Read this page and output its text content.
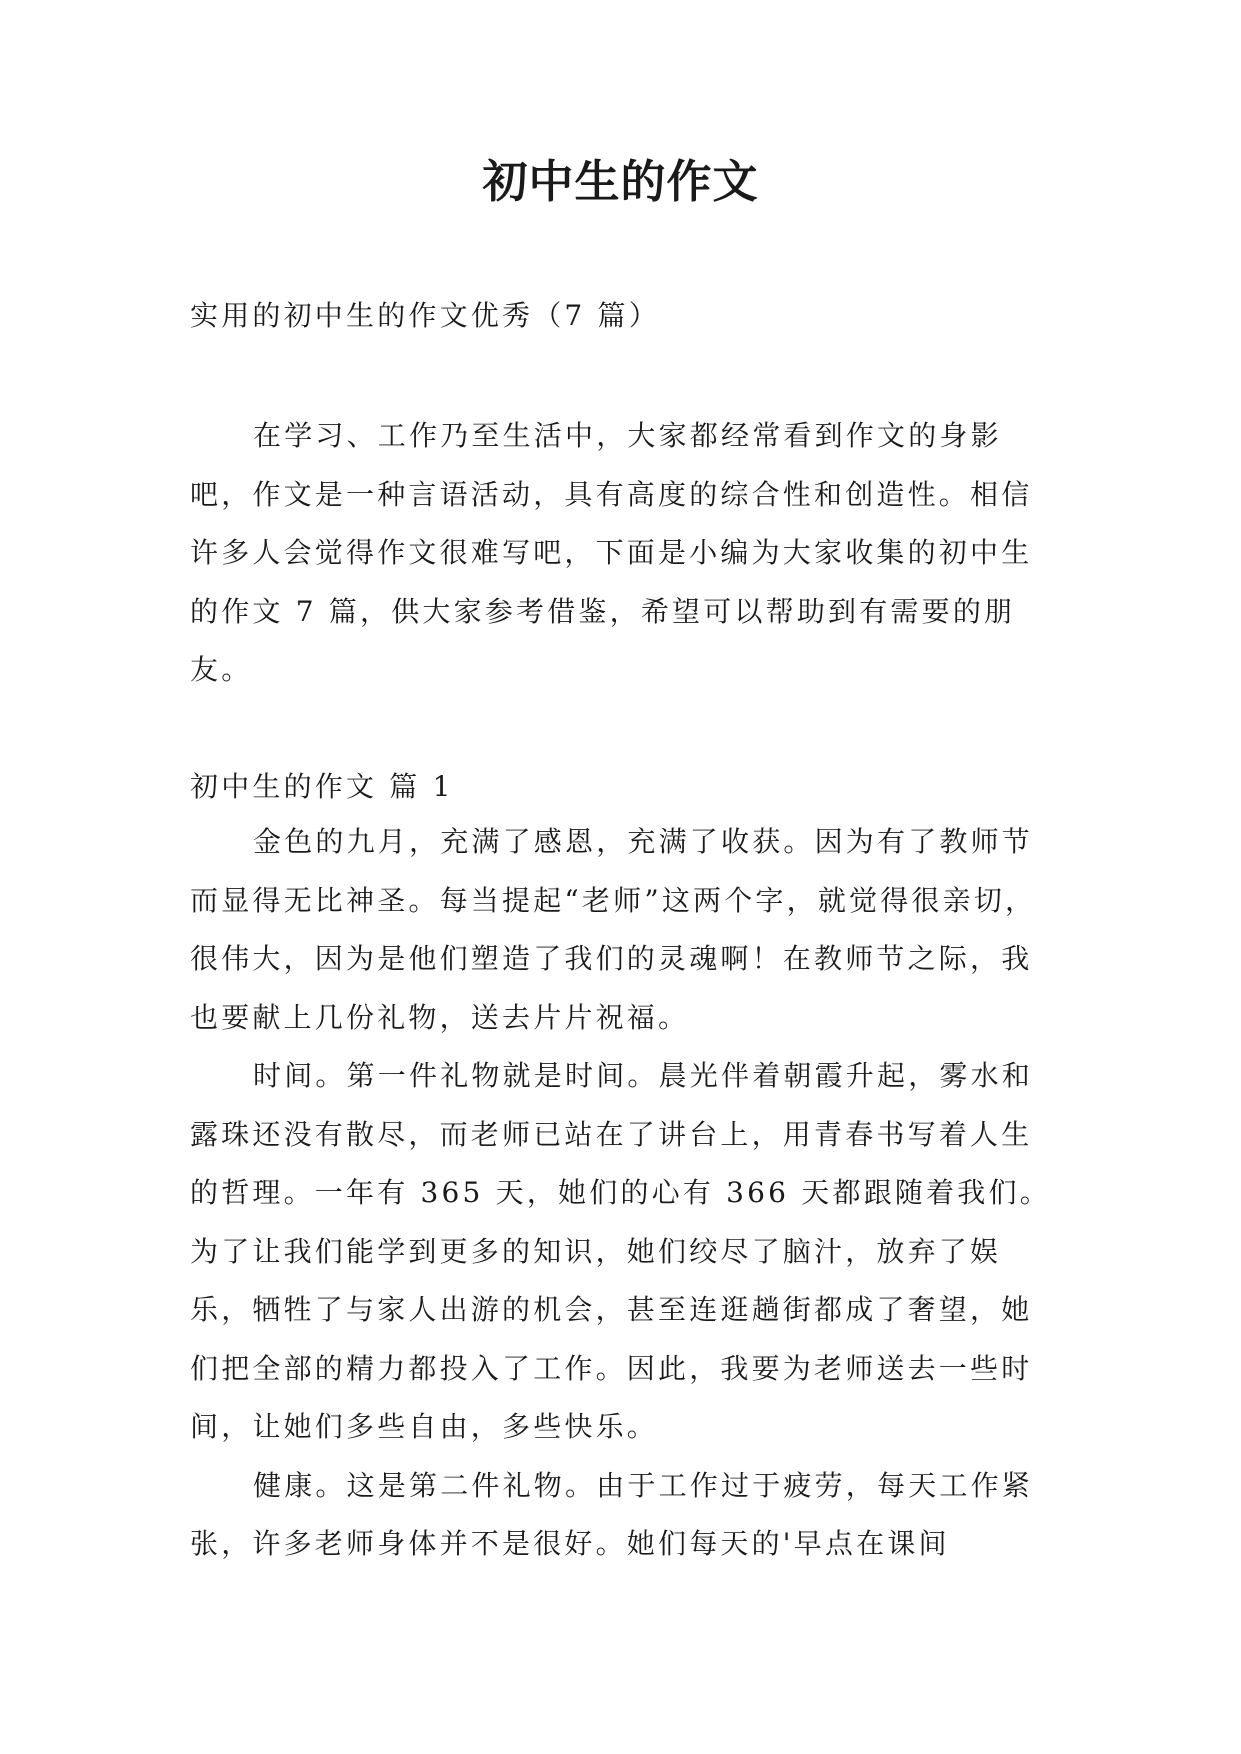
初中生的作文

实用的初中生的作文优秀（7 篇）

在学习、工作乃至生活中，大家都经常看到作文的身影吧，作文是一种言语活动，具有高度的综合性和创造性。相信许多人会觉得作文很难写吧，下面是小编为大家收集的初中生的作文 7 篇，供大家参考借鉴，希望可以帮助到有需要的朋友。

初中生的作文 篇 1

金色的九月，充满了感恩，充满了收获。因为有了教师节而显得无比神圣。每当提起“老师”这两个字，就觉得很亲切，很伟大，因为是他们塑造了我们的灵魂啊！在教师节之际，我也要献上几份礼物，送去片片祝福。

时间。第一件礼物就是时间。晨光伴着朝霞升起，雾水和露珠还没有散尽，而老师已站在了讲台上，用青春书写着人生的哲理。一年有 365 天，她们的心有 366 天都跟随着我们。为了让我们能学到更多的知识，她们绞尽了脑汁，放弃了娱乐，牺牲了与家人出游的机会，甚至连逛趟街都成了奢望，她们把全部的精力都投入了工作。因此，我要为老师送去一些时间，让她们多些自由，多些快乐。

健康。这是第二件礼物。由于工作过于疲劳，每天工作紧张，许多老师身体并不是很好。她们每天的'早点在课间
